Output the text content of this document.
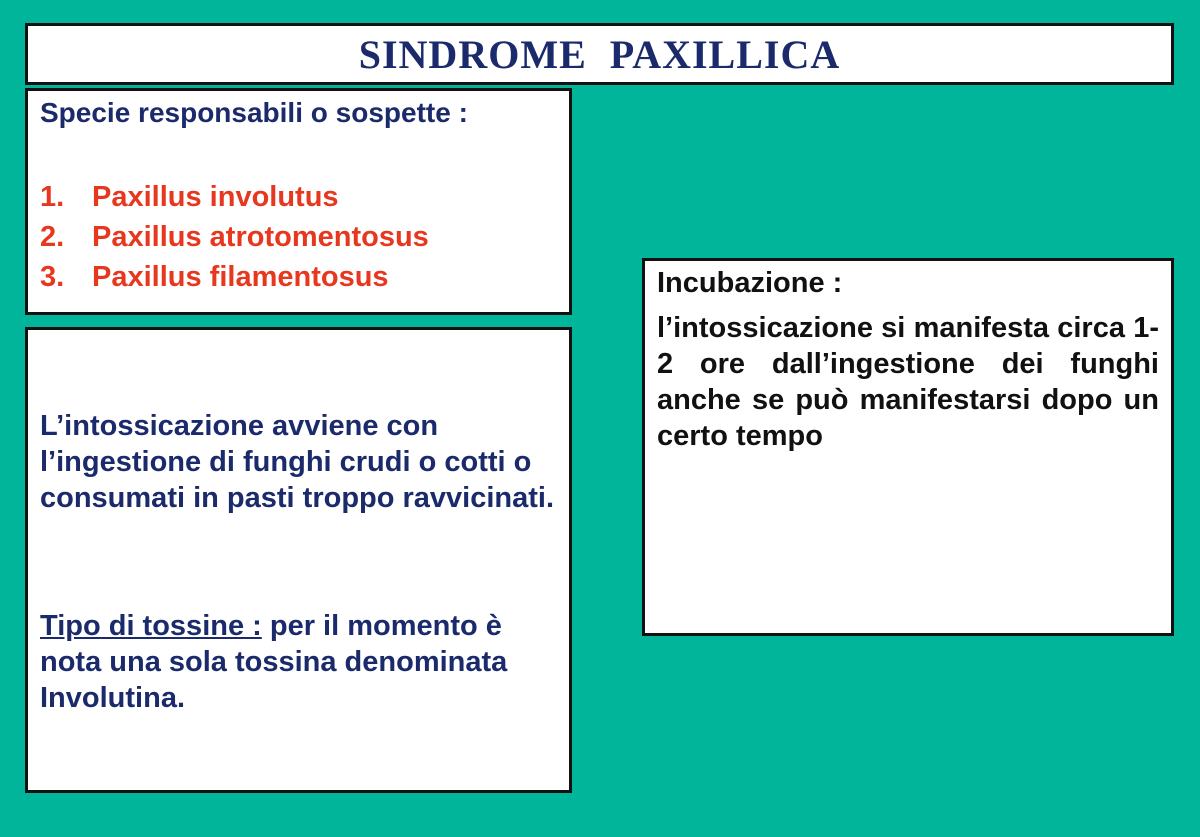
SINDROME PAXILLICA

Specie responsabili o sospette :

1. Paxillus involutus
2. Paxillus atrotomentosus
3. Paxillus filamentosus

L’intossicazione avviene con l’ingestione di funghi crudi o cotti o consumati in pasti troppo ravvicinati.

Tipo di tossine : per il momento è nota una sola tossina denominata Involutina.

Incubazione :

l’intossicazione si manifesta circa 1-2 ore dall’ingestione dei funghi anche se può manifestarsi dopo un certo tempo
